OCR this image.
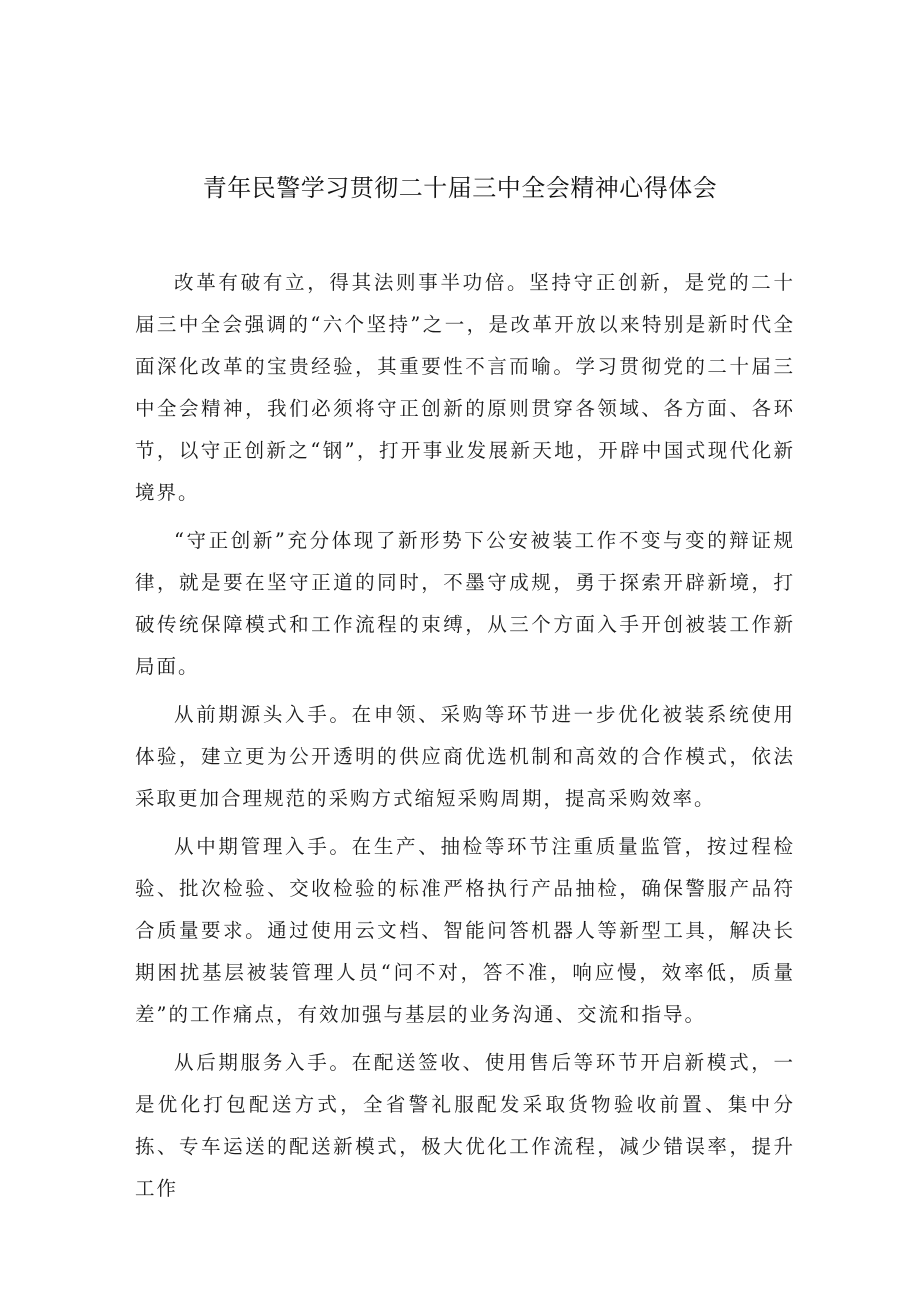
青年民警学习贯彻二十届三中全会精神心得体会

改革有破有立，得其法则事半功倍。坚持守正创新，是党的二十届三中全会强调的“六个坚持”之一，是改革开放以来特别是新时代全面深化改革的宝贵经验，其重要性不言而喻。学习贯彻党的二十届三中全会精神，我们必须将守正创新的原则贯穿各领域、各方面、各环节，以守正创新之“钢”，打开事业发展新天地，开辟中国式现代化新境界。

“守正创新”充分体现了新形势下公安被装工作不变与变的辩证规律，就是要在坚守正道的同时，不墨守成规，勇于探索开辟新境，打破传统保障模式和工作流程的束缚，从三个方面入手开创被装工作新局面。

从前期源头入手。在申领、采购等环节进一步优化被装系统使用体验，建立更为公开透明的供应商优选机制和高效的合作模式，依法采取更加合理规范的采购方式缩短采购周期，提高采购效率。

从中期管理入手。在生产、抽检等环节注重质量监管，按过程检验、批次检验、交收检验的标准严格执行产品抽检，确保警服产品符合质量要求。通过使用云文档、智能问答机器人等新型工具，解决长期困扰基层被装管理人员“问不对，答不准，响应慢，效率低，质量差”的工作痛点，有效加强与基层的业务沟通、交流和指导。

从后期服务入手。在配送签收、使用售后等环节开启新模式，一是优化打包配送方式，全省警礼服配发采取货物验收前置、集中分拣、专车运送的配送新模式，极大优化工作流程，减少错误率，提升工作
